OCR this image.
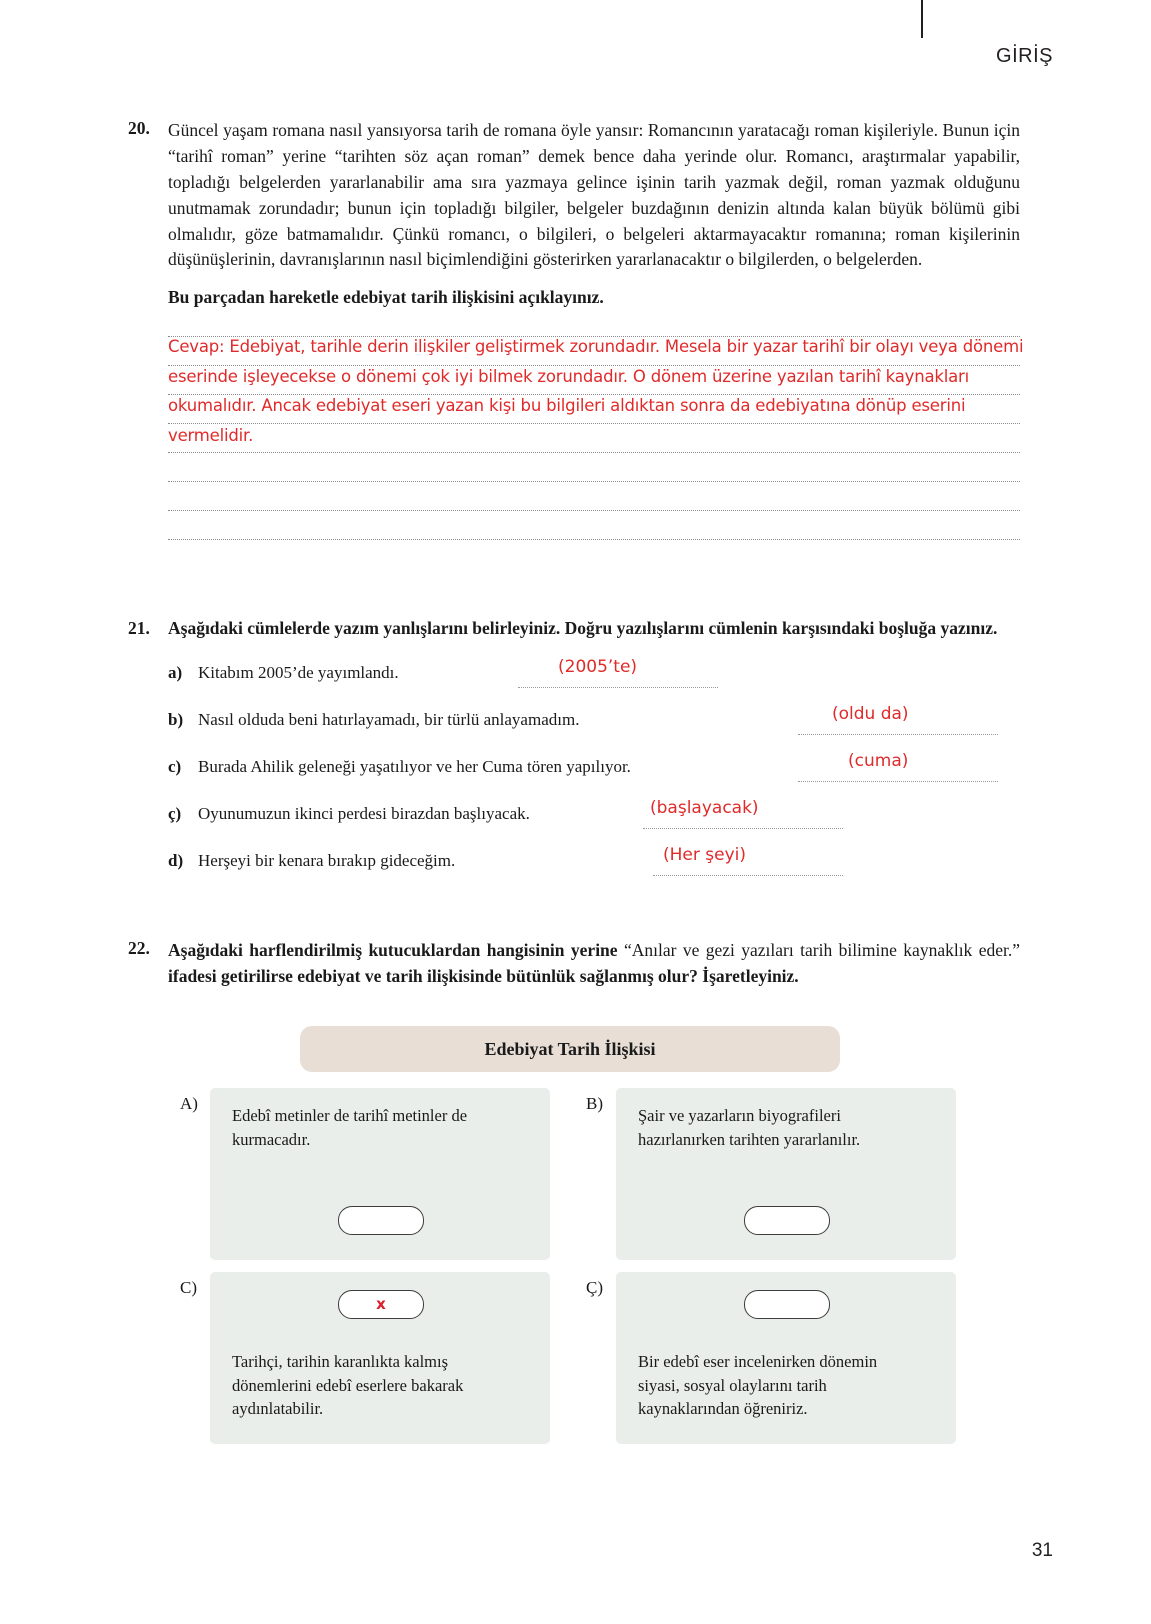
GİRİŞ
20.	Güncel yaşam romana nasıl yansıyorsa tarih de romana öyle yansır: Romancının yaratacağı roman kişileriyle. Bunun için “tarihî roman” yerine “tarihten söz açan roman” demek bence daha yerinde olur. Romancı, araştırmalar yapabilir, topladığı belgelerden yararlanabilir ama sıra yazmaya gelince işinin tarih yazmak değil, roman yazmak olduğunu unutmamak zorundadır; bunun için topladığı bilgiler, belgeler buzdağının denizin altında kalan büyük bölümü gibi olmalıdır, göze batmamalıdır. Çünkü romancı, o bilgileri, o belgeleri aktarmayacaktır romanına; roman kişilerinin düşünüşlerinin, davranışlarının nasıl biçimlendiğini gösterirken yararlanacaktır o bilgilerden, o belgelerden.

Bu parçadan hareketle edebiyat tarih ilişkisini açıklayınız.
Cevap: Edebiyat, tarihle derin ilişkiler geliştirmek zorundadır. Mesela bir yazar tarihî bir olayı veya dönemi
eserinde işleyecekse o dönemi çok iyi bilmek zorundadır. O dönem üzerine yazılan tarihî kaynakları
okumalıdır. Ancak edebiyat eseri yazan kişi bu bilgileri aldıktan sonra da edebiyatına dönüp eserini
vermelidir.
21.	Aşağıdaki cümlelerde yazım yanlışlarını belirleyiniz. Doğru yazılışlarını cümlenin karşısındaki boşluğa yazınız.
a) Kitabım 2005’de yayımlandı.	(2005’te)
b) Nasıl olduda beni hatırlayamadı, bir türlü anlayamadım.	(oldu da)
c) Burada Ahilik geleneği yaşatılıyor ve her Cuma tören yapılıyor.	(cuma)
ç) Oyunumuzun ikinci perdesi birazdan başlıyacak.	(başlayacak)
d) Herşeyi bir kenara bırakıp gideceğim.	(Her şeyi)
22.	Aşağıdaki harflendirilmiş kutucuklardan hangisinin yerine “Anılar ve gezi yazıları tarih bilimine kaynaklık eder.” ifadesi getirilirse edebiyat ve tarih ilişkisinde bütünlük sağlanmış olur? İşaretleyiniz.

Edebiyat Tarih İlişkisi
A)
Edebî metinler de tarihî metinler de kurmacadır.
B)
Şair ve yazarların biyografileri hazırlanırken tarihten yararlanılır.
C)
x
Tarihçi, tarihin karanlıkta kalmış dönemlerini edebî eserlere bakarak aydınlatabilir.
Ç)
Bir edebî eser incelenirken dönemin siyasi, sosyal olaylarını tarih kaynaklarından öğreniriz.
31
